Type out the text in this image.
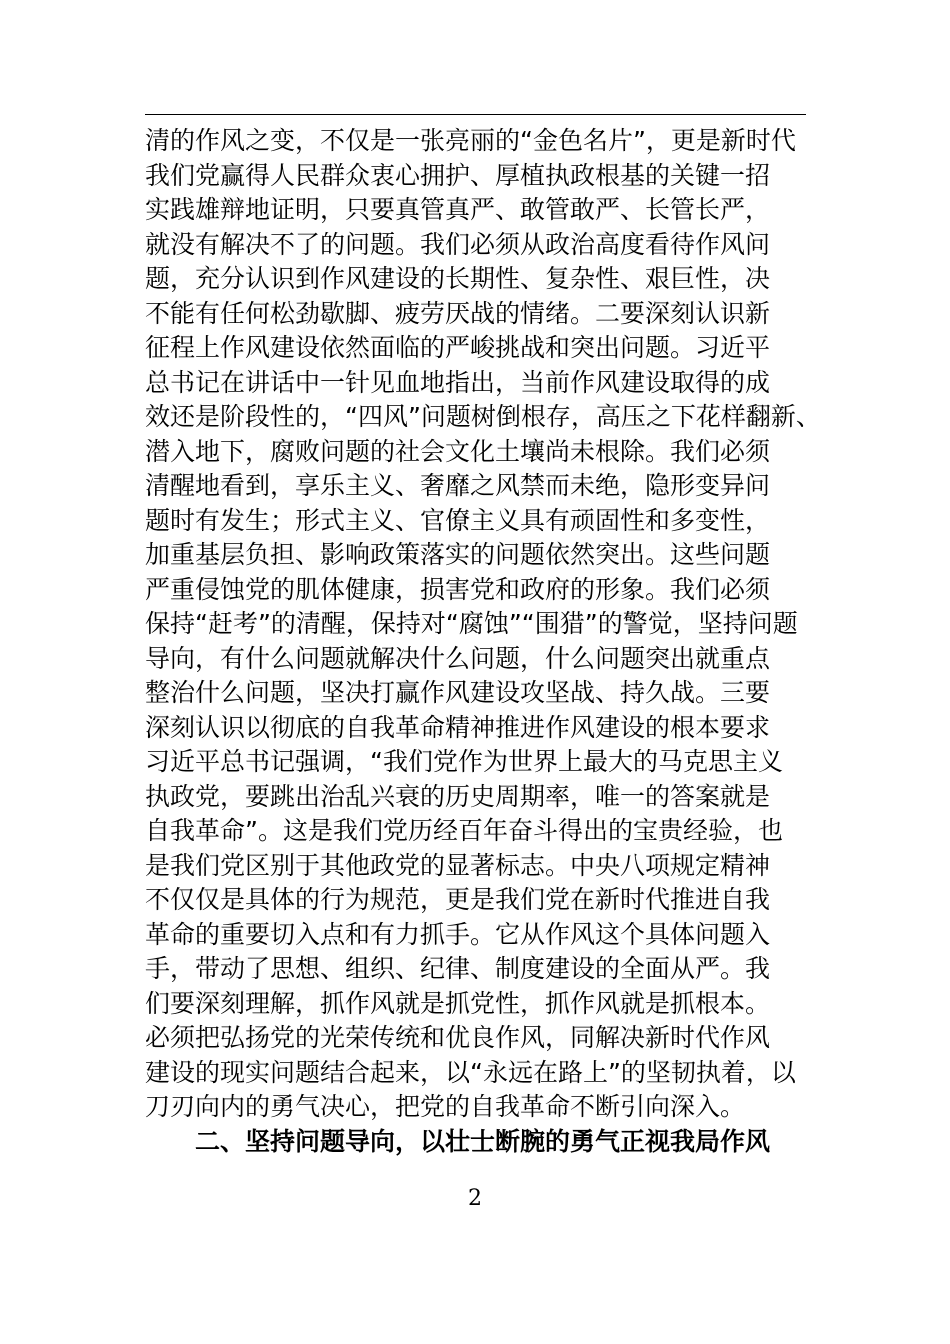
清的作风之变，不仅是一张亮丽的“金色名片”，更是新时代
我们党赢得人民群众衷心拥护、厚植执政根基的关键一招
实践雄辩地证明，只要真管真严、敢管敢严、长管长严，
就没有解决不了的问题。我们必须从政治高度看待作风问
题，充分认识到作风建设的长期性、复杂性、艰巨性，决
不能有任何松劲歇脚、疲劳厌战的情绪。二要深刻认识新
征程上作风建设依然面临的严峻挑战和突出问题。习近平
总书记在讲话中一针见血地指出，当前作风建设取得的成
效还是阶段性的，“四风”问题树倒根存，高压之下花样翻新、
潜入地下，腐败问题的社会文化土壤尚未根除。我们必须
清醒地看到，享乐主义、奢靡之风禁而未绝，隐形变异问
题时有发生；形式主义、官僚主义具有顽固性和多变性，
加重基层负担、影响政策落实的问题依然突出。这些问题
严重侵蚀党的肌体健康，损害党和政府的形象。我们必须
保持“赶考”的清醒，保持对“腐蚀”“围猎”的警觉，坚持问题
导向，有什么问题就解决什么问题，什么问题突出就重点
整治什么问题，坚决打赢作风建设攻坚战、持久战。三要
深刻认识以彻底的自我革命精神推进作风建设的根本要求
习近平总书记强调，“我们党作为世界上最大的马克思主义
执政党，要跳出治乱兴衰的历史周期率，唯一的答案就是
自我革命”。这是我们党历经百年奋斗得出的宝贵经验，也
是我们党区别于其他政党的显著标志。中央八项规定精神
不仅仅是具体的行为规范，更是我们党在新时代推进自我
革命的重要切入点和有力抓手。它从作风这个具体问题入
手，带动了思想、组织、纪律、制度建设的全面从严。我
们要深刻理解，抓作风就是抓党性，抓作风就是抓根本。
必须把弘扬党的光荣传统和优良作风，同解决新时代作风
建设的现实问题结合起来，以“永远在路上”的坚韧执着，以
刀刃向内的勇气决心，把党的自我革命不断引向深入。
二、坚持问题导向，以壮士断腕的勇气正视我局作风
2
